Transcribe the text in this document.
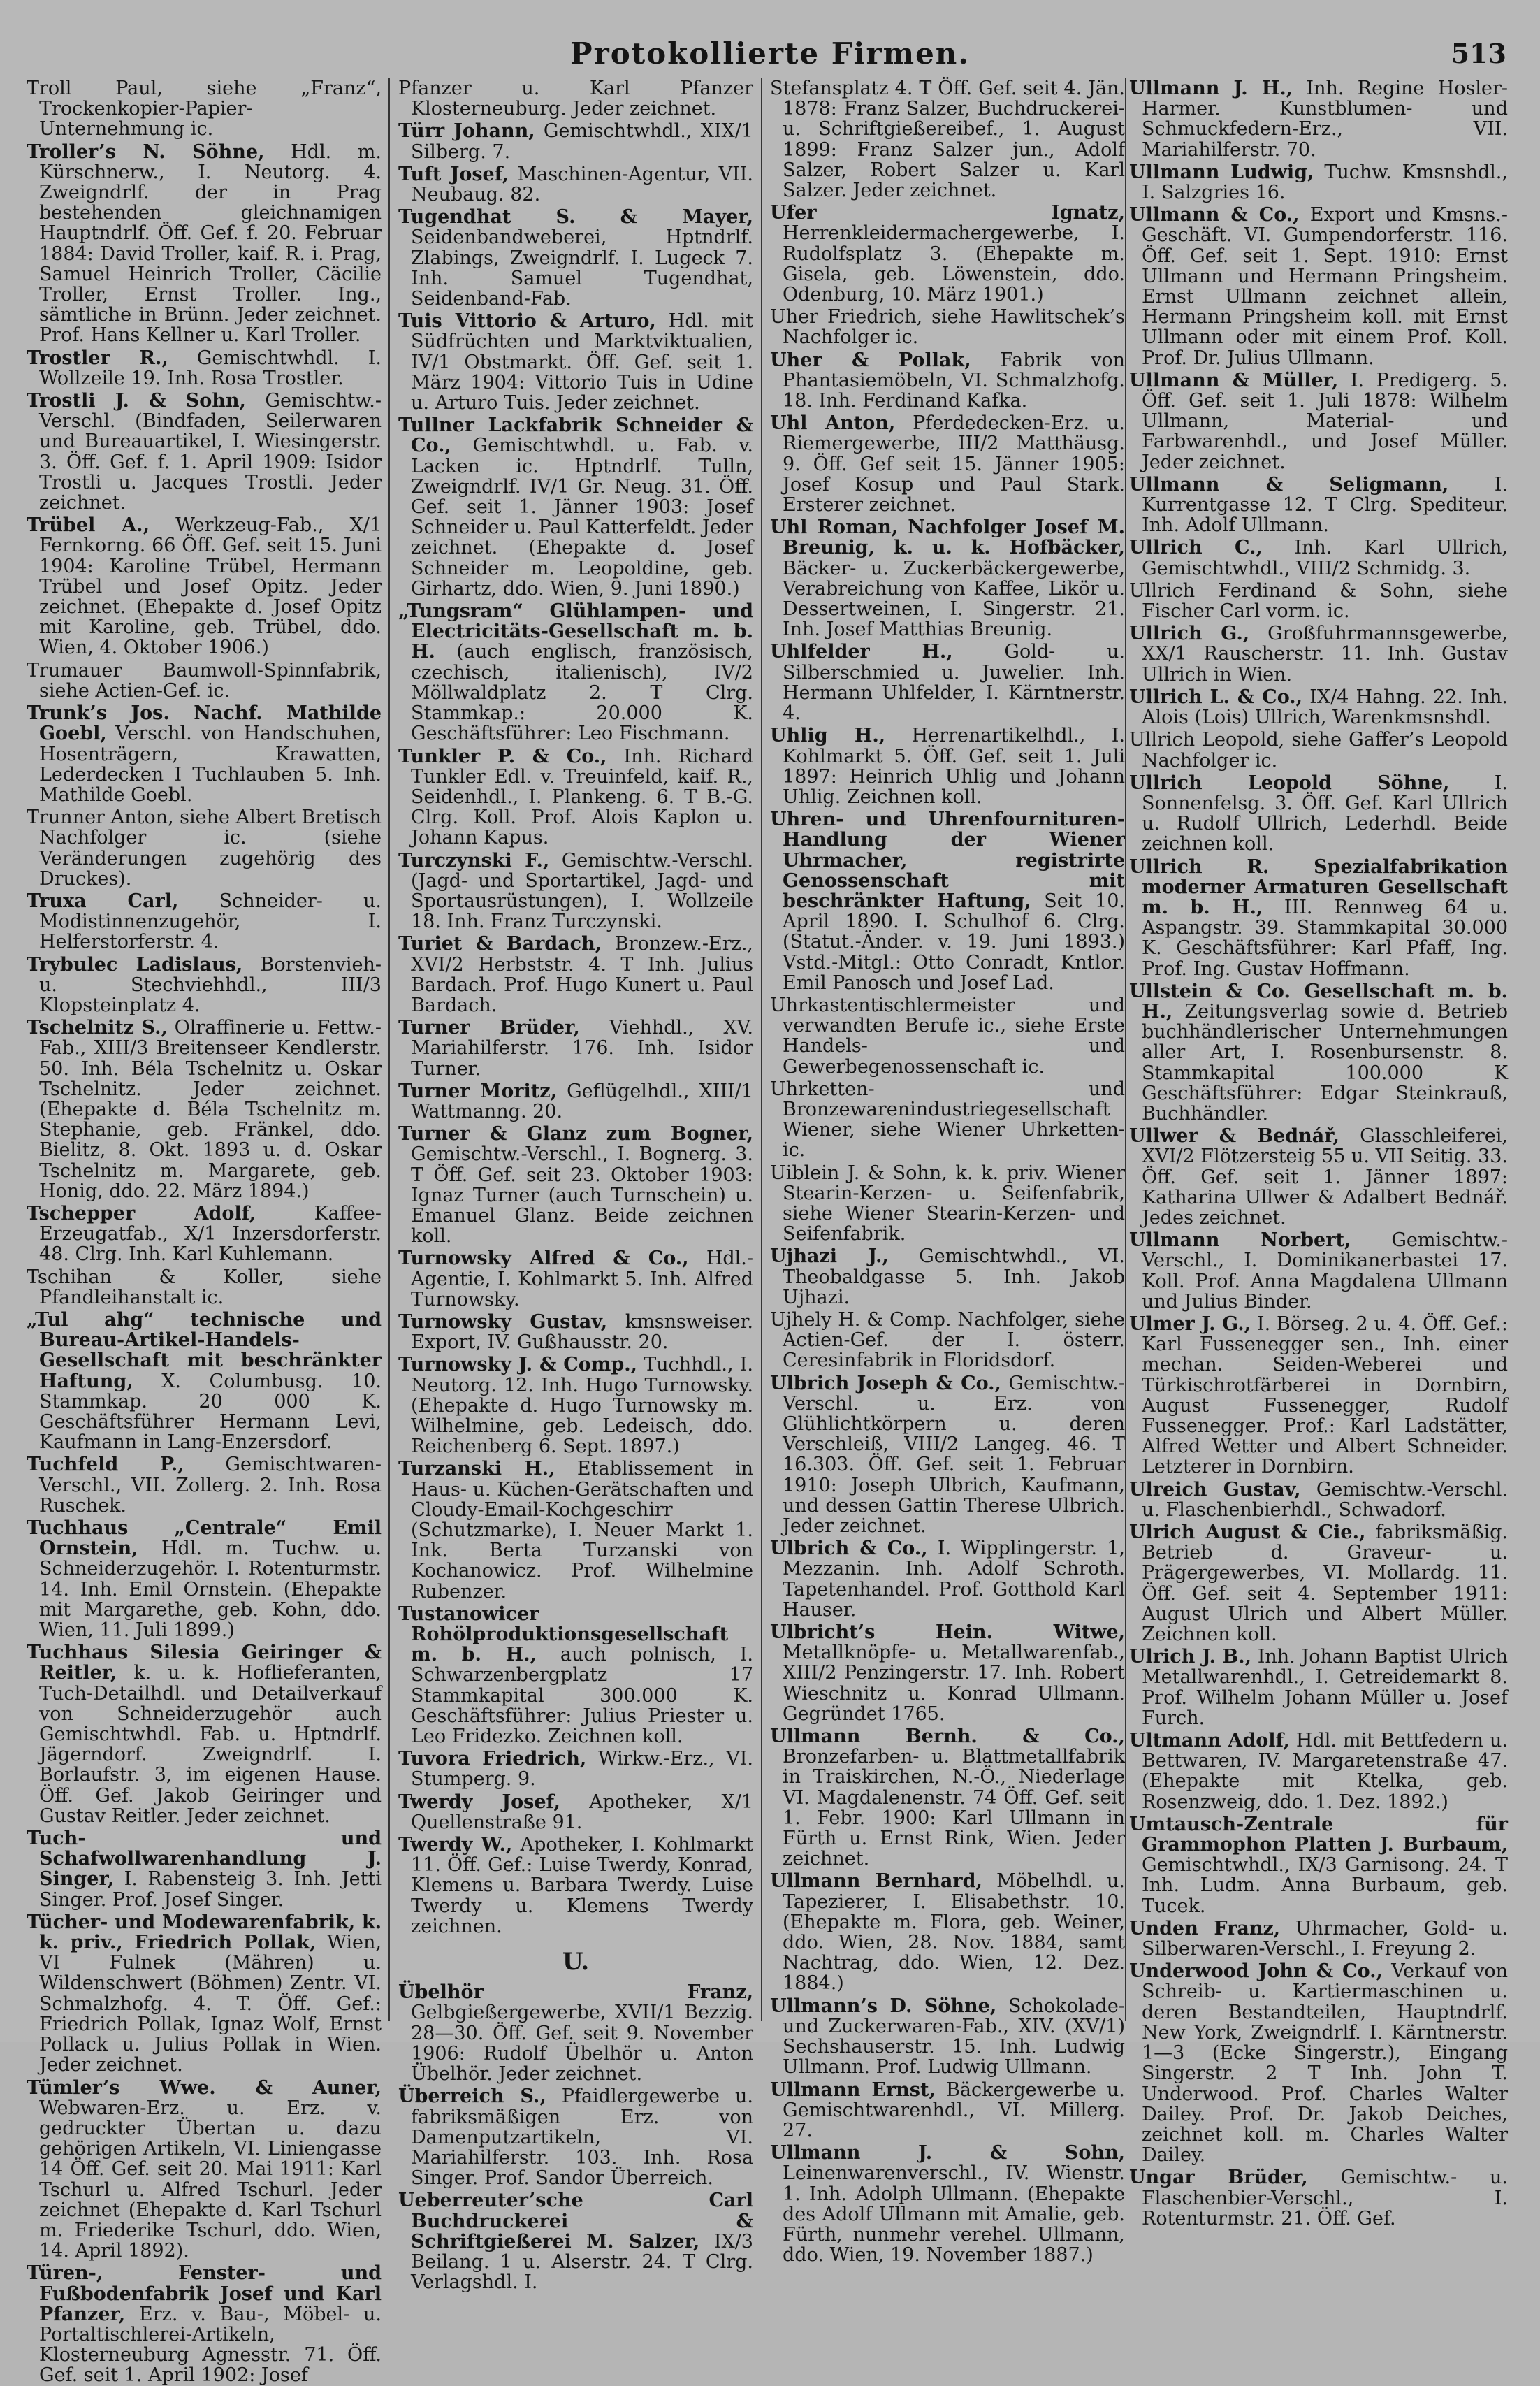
Protokollierte Firmen.	513
Troll Paul, siehe „Franz“, Trockenkopier-Papier-Unternehmung ic.
Troller’s N. Söhne, Hdl. m. Kürschnerw., I. Neutorg. 4. Zweigndrlf. der in Prag bestehenden gleichnamigen Hauptndrlf. Öff. Gef. f. 20. Februar 1884: David Troller, kaif. R. i. Prag, Samuel Heinrich Troller, Cäcilie Troller, Ernst Troller. Ing., sämtliche in Brünn. Jeder zeichnet. Prof. Hans Kellner u. Karl Troller.
Trostler R., Gemischtwhdl. I. Wollzeile 19. Inh. Rosa Trostler.
Trostli J. & Sohn, Gemischtw.-Verschl. (Bindfaden, Seilerwaren und Bureauartikel, I. Wiesingerstr. 3. Öff. Gef. f. 1. April 1909: Isidor Trostli u. Jacques Trostli. Jeder zeichnet.
Trübel A., Werkzeug-Fab., X/1 Fernkorng. 66 Öff. Gef. seit 15. Juni 1904: Karoline Trübel, Hermann Trübel und Josef Opitz. Jeder zeichnet. (Ehepakte d. Josef Opitz mit Karoline, geb. Trübel, ddo. Wien, 4. Oktober 1906.)
Trumauer Baumwoll-Spinnfabrik, siehe Actien-Gef. ic.
Trunk’s Jos. Nachf. Mathilde Goebl, Verschl. von Handschuhen, Hosenträgern, Krawatten, Lederdecken I Tuchlauben 5. Inh. Mathilde Goebl.
Trunner Anton, siehe Albert Bretisch Nachfolger ic. (siehe Veränderungen zugehörig des Druckes).
Truxa Carl, Schneider- u. Modistinnenzugehör, I. Helferstorferstr. 4.
Trybulec Ladislaus, Borstenvieh- u. Stechviehhdl., III/3 Klopsteinplatz 4.
Tschelnitz S., Olraffinerie u. Fettw.-Fab., XIII/3 Breitenseer Kendlerstr. 50. Inh. Béla Tschelnitz u. Oskar Tschelnitz. Jeder zeichnet. (Ehepakte d. Béla Tschelnitz m. Stephanie, geb. Fränkel, ddo. Bielitz, 8. Okt. 1893 u. d. Oskar Tschelnitz m. Margarete, geb. Honig, ddo. 22. März 1894.)
Tschepper Adolf,	Kaffee-Erzeugatfab., X/1 Inzersdorferstr. 48. Clrg. Inh. Karl Kuhlemann.
Tschihan & Koller, siehe Pfandleihanstalt ic.
„Tul ahg“ technische und Bureau-Artikel-Handels-Gesellschaft mit beschränkter Haftung, X. Columbusg. 10. Stammkap. 20 000 K. Geschäftsführer Hermann Levi, Kaufmann in Lang-Enzersdorf.
Tuchfeld P., Gemischtwaren-Verschl., VII. Zollerg. 2. Inh. Rosa Ruschek.
Tuchhaus „Centrale“ Emil Ornstein, Hdl. m. Tuchw. u. Schneiderzugehör. I. Rotenturmstr. 14. Inh. Emil Ornstein. (Ehepakte mit Margarethe, geb. Kohn, ddo. Wien, 11. Juli 1899.)
Tuchhaus Silesia Geiringer & Reitler, k. u. k. Hoflieferanten, Tuch-Detailhdl. und Detailverkauf von Schneiderzugehör auch Gemischtwhdl. Fab. u. Hptndrlf. Jägerndorf. Zweigndrlf. I. Borlaufstr. 3, im eigenen Hause. Öff. Gef. Jakob Geiringer und Gustav Reitler. Jeder zeichnet.
Tuch- und Schafwollwarenhandlung J. Singer, I. Rabensteig 3. Inh. Jetti Singer. Prof. Josef Singer.
Tücher- und Modewarenfabrik, k. k. priv., Friedrich Pollak, Wien, VI Fulnek (Mähren) u. Wildenschwert (Böhmen) Zentr. VI. Schmalzhofg. 4. T. Öff. Gef.: Friedrich Pollak, Ignaz Wolf, Ernst Pollack u. Julius Pollak in Wien. Jeder zeichnet.
Tümler’s Wwe. & Auner, Webwaren-Erz. u. Erz. v. gedruckter Übertan u. dazu gehörigen Artikeln, VI. Liniengasse 14 Öff. Gef. seit 20. Mai 1911: Karl Tschurl u. Alfred Tschurl. Jeder zeichnet (Ehepakte d. Karl Tschurl m. Friederike Tschurl, ddo. Wien, 14. April 1892).
Türen-, Fenster- und Fußbodenfabrik Josef und Karl Pfanzer, Erz. v. Bau-, Möbel- u. Portaltischlerei-Artikeln, Klosterneuburg Agnesstr. 71. Öff. Gef. seit 1. April 1902: Josef
Pfanzer u. Karl Pfanzer Klosterneuburg. Jeder zeichnet.
Türr Johann, Gemischtwhdl., XIX/1 Silberg. 7.
Tuft Josef, Maschinen-Agentur, VII. Neubaug. 82.
Tugendhat S. & Mayer, Seidenbandweberei, Hptndrlf. Zlabings, Zweigndrlf. I. Lugeck 7. Inh. Samuel Tugendhat, Seidenband-Fab.
Tuis Vittorio & Arturo, Hdl. mit Südfrüchten und Marktviktualien, IV/1 Obstmarkt. Öff. Gef. seit 1. März 1904: Vittorio Tuis in Udine u. Arturo Tuis. Jeder zeichnet.
Tullner Lackfabrik Schneider & Co., Gemischtwhdl. u. Fab. v. Lacken ic. Hptndrlf. Tulln, Zweigndrlf. IV/1 Gr. Neug. 31. Öff. Gef. seit 1. Jänner 1903: Josef Schneider u. Paul Katterfeldt. Jeder zeichnet. (Ehepakte d. Josef Schneider m. Leopoldine, geb. Girhartz, ddo. Wien, 9. Juni 1890.)
„Tungsram“ Glühlampen- und Electricitäts-Gesellschaft m. b. H. (auch englisch, französisch, czechisch, italienisch), IV/2 Möllwaldplatz 2. T Clrg. Stammkap.: 20.000 K. Geschäftsführer: Leo Fischmann.
Tunkler P. & Co., Inh. Richard Tunkler Edl. v. Treuinfeld, kaif. R., Seidenhdl., I. Plankeng. 6. T B.-G. Clrg. Koll. Prof. Alois Kaplon u. Johann Kapus.
Turczynski F., Gemischtw.-Verschl. (Jagd- und Sportartikel, Jagd- und Sportausrüstungen), I. Wollzeile 18. Inh. Franz Turczynski.
Turiet & Bardach, Bronzew.-Erz., XVI/2 Herbststr. 4. T Inh. Julius Bardach. Prof. Hugo Kunert u. Paul Bardach.
Turner Brüder, Viehhdl., XV. Mariahilferstr. 176. Inh. Isidor Turner.
Turner Moritz, Geflügelhdl., XIII/1 Wattmanng. 20.
Turner & Glanz zum Bogner, Gemischtw.-Verschl., I. Bognerg. 3. T Öff. Gef. seit 23. Oktober 1903: Ignaz Turner (auch Turnschein) u. Emanuel Glanz. Beide zeichnen koll.
Turnowsky Alfred & Co., Hdl.-Agentie, I. Kohlmarkt 5. Inh. Alfred Turnowsky.
Turnowsky Gustav, kmsnsweiser. Export, IV. Gußhausstr. 20.
Turnowsky J. & Comp., Tuchhdl., I. Neutorg. 12. Inh. Hugo Turnowsky. (Ehepakte d. Hugo Turnowsky m. Wilhelmine, geb. Ledeisch, ddo. Reichenberg 6. Sept. 1897.)
Turzanski H., Etablissement in Haus- u. Küchen-Gerätschaften und Cloudy-Email-Kochgeschirr (Schutzmarke), I. Neuer Markt 1. Ink. Berta Turzanski von Kochanowicz. Prof. Wilhelmine Rubenzer.
Tustanowicer Rohölproduktionsgesellschaft m. b. H., auch polnisch, I. Schwarzenbergplatz 17 Stammkapital 300.000 K. Geschäftsführer: Julius Priester u. Leo Fridezko. Zeichnen koll.
Tuvora Friedrich, Wirkw.-Erz., VI. Stumperg. 9.
Twerdy Josef, Apotheker, X/1 Quellenstraße 91.
Twerdy W., Apotheker, I. Kohlmarkt 11. Öff. Gef.: Luise Twerdy, Konrad, Klemens u. Barbara Twerdy. Luise Twerdy u. Klemens Twerdy zeichnen.
U.
Übelhör Franz, Gelbgießergewerbe, XVII/1 Bezzig. 28—30. Öff. Gef. seit 9. November 1906: Rudolf Übelhör u. Anton Übelhör. Jeder zeichnet.
Überreich S., Pfaidlergewerbe u. fabriksmäßigen Erz. von Damenputzartikeln, VI. Mariahilferstr. 103. Inh. Rosa Singer. Prof. Sandor Überreich.
Ueberreuter’sche Carl Buchdruckerei & Schriftgießerei M. Salzer, IX/3 Beilang. 1 u. Alserstr. 24. T Clrg. Verlagshdl. I.
Stefansplatz 4. T Öff. Gef. seit 4. Jän. 1878: Franz Salzer, Buchdruckerei- u. Schriftgießereibef., 1. August 1899: Franz Salzer jun., Adolf Salzer, Robert Salzer u. Karl Salzer. Jeder zeichnet.
Ufer Ignatz, Herrenkleidermachergewerbe, I. Rudolfsplatz 3. (Ehepakte m. Gisela, geb. Löwenstein, ddo. Odenburg, 10. März 1901.)
Uher Friedrich, siehe Hawlitschek’s Nachfolger ic.
Uher & Pollak, Fabrik von Phantasiemöbeln, VI. Schmalzhofg. 18. Inh. Ferdinand Kafka.
Uhl Anton, Pferdedecken-Erz. u. Riemergewerbe, III/2 Matthäusg. 9. Öff. Gef seit 15. Jänner 1905: Josef Kosup und Paul Stark. Ersterer zeichnet.
Uhl Roman, Nachfolger Josef M. Breunig, k. u. k. Hofbäcker, Bäcker- u. Zuckerbäckergewerbe, Verabreichung von Kaffee, Likör u. Dessertweinen, I. Singerstr. 21. Inh. Josef Matthias Breunig.
Uhlfelder H.,	Gold- u. Silberschmied u. Juwelier. Inh. Hermann Uhlfelder, I. Kärntnerstr. 4.
Uhlig H., Herrenartikelhdl., I. Kohlmarkt 5. Öff. Gef. seit 1. Juli 1897: Heinrich Uhlig und Johann Uhlig. Zeichnen koll.
Uhren- und Uhrenfournituren-Handlung der Wiener Uhrmacher, registrirte Genossenschaft mit beschränkter Haftung, Seit 10. April 1890. I. Schulhof 6. Clrg. (Statut.-Änder. v. 19. Juni 1893.) Vstd.-Mitgl.: Otto Conradt, Kntlor. Emil Panosch und Josef Lad.
Uhrkastentischlermeister und verwandten Berufe ic., siehe Erste Handels- und Gewerbegenossenschaft ic.
Uhrketten- und Bronzewarenindustriegesellschaft Wiener, siehe Wiener Uhrketten- ic.
Uiblein J. & Sohn, k. k. priv. Wiener Stearin-Kerzen- u. Seifenfabrik, siehe Wiener Stearin-Kerzen- und Seifenfabrik.
Ujhazi J., Gemischtwhdl., VI. Theobaldgasse 5. Inh. Jakob Ujhazi.
Ujhely H. & Comp. Nachfolger, siehe Actien-Gef. der I. österr. Ceresinfabrik in Floridsdorf.
Ulbrich Joseph & Co., Gemischtw.-Verschl. u. Erz. von Glühlichtkörpern u. deren Verschleiß, VIII/2 Langeg. 46. T 16.303. Öff. Gef. seit 1. Februar 1910: Joseph Ulbrich, Kaufmann, und dessen Gattin Therese Ulbrich. Jeder zeichnet.
Ulbrich & Co., I. Wipplingerstr. 1, Mezzanin. Inh. Adolf Schroth. Tapetenhandel. Prof. Gotthold Karl Hauser.
Ulbricht’s Hein. Witwe, Metallknöpfe- u. Metallwarenfab., XIII/2 Penzingerstr. 17. Inh. Robert Wieschnitz u. Konrad Ullmann. Gegründet 1765.
Ullmann Bernh. & Co., Bronzefarben- u. Blattmetallfabrik in Traiskirchen, N.-Ö., Niederlage VI. Magdalenenstr. 74 Öff. Gef. seit 1. Febr. 1900: Karl Ullmann in Fürth u. Ernst Rink, Wien. Jeder zeichnet.
Ullmann Bernhard, Möbelhdl. u. Tapezierer, I. Elisabethstr. 10. (Ehepakte m. Flora, geb. Weiner, ddo. Wien, 28. Nov. 1884, samt Nachtrag, ddo. Wien, 12. Dez. 1884.)
Ullmann’s D. Söhne, Schokolade- und Zuckerwaren-Fab., XIV. (XV/1) Sechshauserstr. 15. Inh. Ludwig Ullmann. Prof. Ludwig Ullmann.
Ullmann Ernst, Bäckergewerbe u. Gemischtwarenhdl., VI. Millerg. 27.
Ullmann J. & Sohn, Leinenwarenverschl., IV. Wienstr. 1. Inh. Adolph Ullmann. (Ehepakte des Adolf Ullmann mit Amalie, geb. Fürth, nunmehr verehel. Ullmann, ddo. Wien, 19. November 1887.)
Ullmann J. H., Inh. Regine Hosler-Harmer. Kunstblumen- und Schmuckfedern-Erz., VII. Mariahilferstr. 70.
Ullmann Ludwig, Tuchw. Kmsnshdl., I. Salzgries 16.
Ullmann & Co., Export und Kmsns.-Geschäft. VI. Gumpendorferstr. 116. Öff. Gef. seit 1. Sept. 1910: Ernst Ullmann und Hermann Pringsheim. Ernst Ullmann zeichnet allein, Hermann Pringsheim koll. mit Ernst Ullmann oder mit einem Prof. Koll. Prof. Dr. Julius Ullmann.
Ullmann & Müller, I. Predigerg. 5. Öff. Gef. seit 1. Juli 1878: Wilhelm Ullmann, Material- und Farbwarenhdl., und Josef Müller. Jeder zeichnet.
Ullmann & Seligmann, I. Kurrentgasse 12. T Clrg. Spediteur. Inh. Adolf Ullmann.
Ullrich C., Inh. Karl Ullrich, Gemischtwhdl., VIII/2 Schmidg. 3.
Ullrich Ferdinand & Sohn, siehe Fischer Carl vorm. ic.
Ullrich G., Großfuhrmannsgewerbe, XX/1 Rauscherstr. 11. Inh. Gustav Ullrich in Wien.
Ullrich L. & Co., IX/4 Hahng. 22. Inh. Alois (Lois) Ullrich, Warenkmsnshdl.
Ullrich Leopold, siehe Gaffer’s Leopold Nachfolger ic.
Ullrich Leopold Söhne, I. Sonnenfelsg. 3. Öff. Gef. Karl Ullrich u. Rudolf Ullrich, Lederhdl. Beide zeichnen koll.
Ullrich R. Spezialfabrikation moderner Armaturen Gesellschaft m. b. H., III. Rennweg 64 u. Aspangstr. 39. Stammkapital 30.000 K. Geschäftsführer: Karl Pfaff, Ing. Prof. Ing. Gustav Hoffmann.
Ullstein & Co. Gesellschaft m. b. H., Zeitungsverlag sowie d. Betrieb buchhändlerischer Unternehmungen aller Art, I. Rosenbursenstr. 8. Stammkapital 100.000 K Geschäftsführer: Edgar Steinkrauß, Buchhändler.
Ullwer & Bednář, Glasschleiferei, XVI/2 Flötzersteig 55 u. VII Seitig. 33. Öff. Gef. seit 1. Jänner 1897: Katharina Ullwer & Adalbert Bednář. Jedes zeichnet.
Ullmann Norbert, Gemischtw.-Verschl., I. Dominikanerbastei 17. Koll. Prof. Anna Magdalena Ullmann und Julius Binder.
Ulmer J. G., I. Börseg. 2 u. 4. Öff. Gef.: Karl Fussenegger sen., Inh. einer mechan. Seiden-Weberei und Türkischrotfärberei in Dornbirn, August Fussenegger, Rudolf Fussenegger. Prof.: Karl Ladstätter, Alfred Wetter und Albert Schneider. Letzterer in Dornbirn.
Ulreich Gustav, Gemischtw.-Verschl. u. Flaschenbierhdl., Schwadorf.
Ulrich August & Cie., fabriksmäßig. Betrieb d. Graveur- u. Prägergewerbes, VI. Mollardg. 11. Öff. Gef. seit 4. September 1911: August Ulrich und Albert Müller. Zeichnen koll.
Ulrich J. B., Inh. Johann Baptist Ulrich Metallwarenhdl., I. Getreidemarkt 8. Prof. Wilhelm Johann Müller u. Josef Furch.
Ultmann Adolf, Hdl. mit Bettfedern u. Bettwaren, IV. Margaretenstraße 47. (Ehepakte mit Ktelka, geb. Rosenzweig, ddo. 1. Dez. 1892.)
Umtausch-Zentrale für Grammophon Platten J. Burbaum, Gemischtwhdl., IX/3 Garnisong. 24. T Inh. Ludm. Anna Burbaum, geb. Tucek.
Unden Franz, Uhrmacher, Gold- u. Silberwaren-Verschl., I. Freyung 2.
Underwood John & Co., Verkauf von Schreib- u. Kartiermaschinen u. deren Bestandteilen, Hauptndrlf. New York, Zweigndrlf. I. Kärntnerstr. 1—3 (Ecke Singerstr.), Eingang Singerstr. 2 T Inh. John T. Underwood. Prof. Charles Walter Dailey. Prof. Dr. Jakob Deiches, zeichnet koll. m. Charles Walter Dailey.
Ungar Brüder, Gemischtw.- u. Flaschenbier-Verschl., I. Rotenturmstr. 21. Öff. Gef.
